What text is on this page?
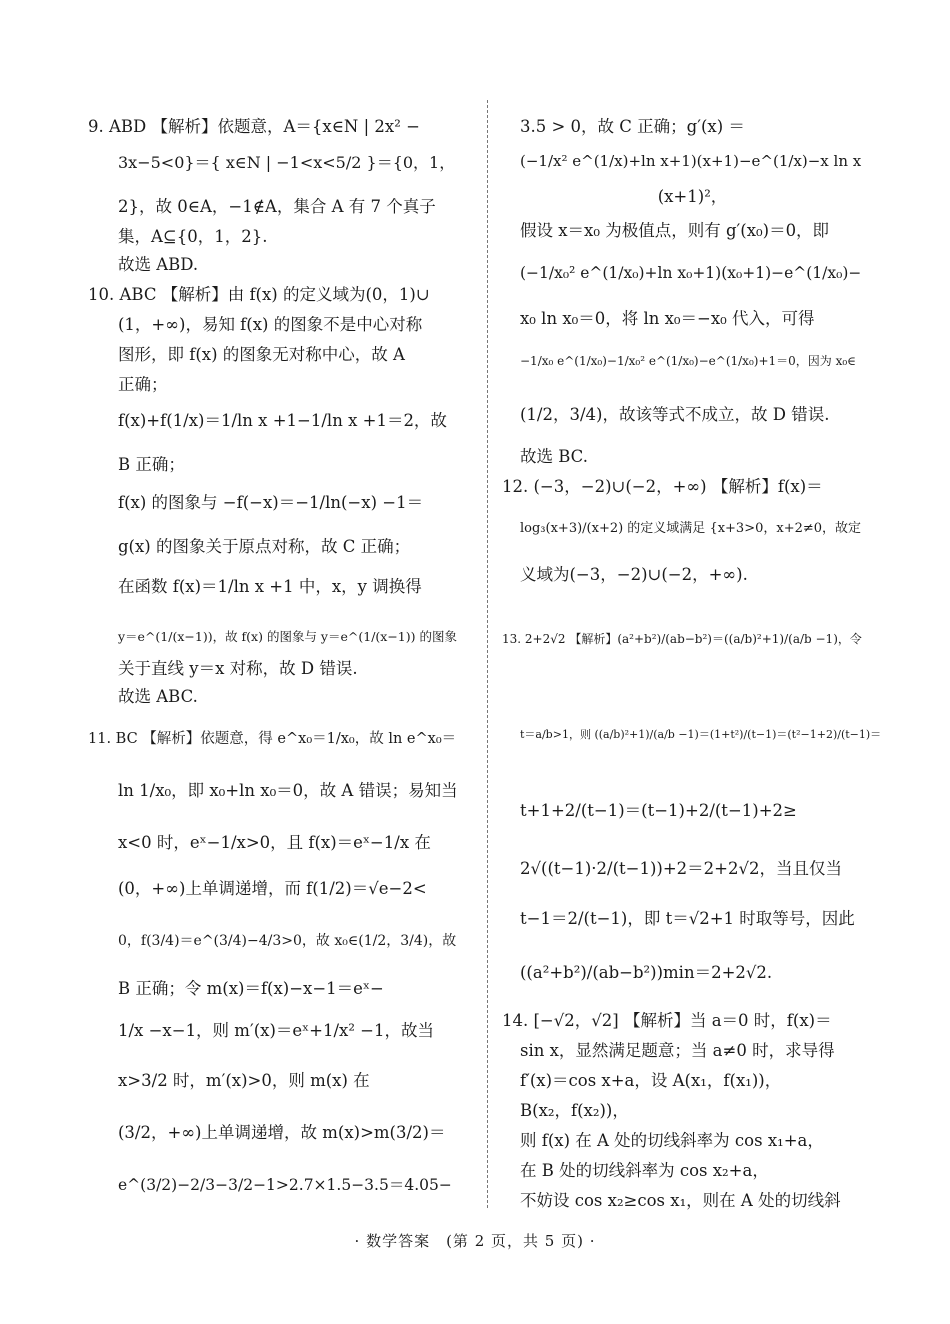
9. ABD 【解析】依题意，A＝{x∈N | 2x² −
3x−5<0}＝{ x∈N | −1<x<5/2 }＝{0，1，
2}，故 0∈A，−1∉A，集合 A 有 7 个真子
集，A⊆{0，1，2}.
故选 ABD.
10. ABC 【解析】由 f(x) 的定义域为(0，1)∪
(1，+∞)，易知 f(x) 的图象不是中心对称
图形，即 f(x) 的图象无对称中心，故 A
正确；
f(x)+f(1/x)＝1/ln x +1−1/ln x +1＝2，故
B 正确；
f(x) 的图象与 −f(−x)＝−1/ln(−x) −1＝
g(x) 的图象关于原点对称，故 C 正确；
在函数 f(x)＝1/ln x +1 中，x，y 调换得
y＝e^(1/(x−1))，故 f(x) 的图象与 y＝e^(1/(x−1)) 的图象
关于直线 y＝x 对称，故 D 错误.
故选 ABC.
11. BC 【解析】依题意，得 e^x₀＝1/x₀，故 ln e^x₀＝
ln 1/x₀，即 x₀+ln x₀＝0，故 A 错误；易知当
x<0 时，eˣ−1/x>0，且 f(x)＝eˣ−1/x 在
(0，+∞)上单调递增，而 f(1/2)＝√e−2<
0，f(3/4)＝e^(3/4)−4/3>0，故 x₀∈(1/2，3/4)，故
B 正确；令 m(x)＝f(x)−x−1＝eˣ−
1/x −x−1，则 m′(x)＝eˣ+1/x² −1，故当
x>3/2 时，m′(x)>0，则 m(x) 在
(3/2，+∞)上单调递增，故 m(x)>m(3/2)＝
e^(3/2)−2/3−3/2−1>2.7×1.5−3.5＝4.05−
3.5 > 0，故 C 正确；g′(x) ＝
(−1/x² e^(1/x)+ln x+1)(x+1)−e^(1/x)−x ln x
(x+1)²，
假设 x＝x₀ 为极值点，则有 g′(x₀)＝0，即
(−1/x₀² e^(1/x₀)+ln x₀+1)(x₀+1)−e^(1/x₀)−
x₀ ln x₀＝0，将 ln x₀＝−x₀ 代入，可得
−1/x₀ e^(1/x₀)−1/x₀² e^(1/x₀)−e^(1/x₀)+1＝0，因为 x₀∈
(1/2，3/4)，故该等式不成立，故 D 错误.
故选 BC.
12. (−3，−2)∪(−2，+∞) 【解析】f(x)＝
log₃(x+3)/(x+2) 的定义域满足 {x+3>0，x+2≠0，故定
义域为(−3，−2)∪(−2，+∞).
13. 2+2√2 【解析】(a²+b²)/(ab−b²)＝((a/b)²+1)/(a/b −1)，令
t＝a/b>1，则 ((a/b)²+1)/(a/b −1)＝(1+t²)/(t−1)＝(t²−1+2)/(t−1)＝
t+1+2/(t−1)＝(t−1)+2/(t−1)+2≥
2√((t−1)·2/(t−1))+2＝2+2√2，当且仅当
t−1＝2/(t−1)，即 t＝√2+1 时取等号，因此
((a²+b²)/(ab−b²))min＝2+2√2.
14. [−√2，√2] 【解析】当 a＝0 时，f(x)＝
sin x，显然满足题意；当 a≠0 时，求导得
f′(x)＝cos x+a，设 A(x₁，f(x₁))，
B(x₂，f(x₂))，
则 f(x) 在 A 处的切线斜率为 cos x₁+a，
在 B 处的切线斜率为 cos x₂+a，
不妨设 cos x₂≥cos x₁，则在 A 处的切线斜
· 数学答案　(第 2 页，共 5 页) ·
